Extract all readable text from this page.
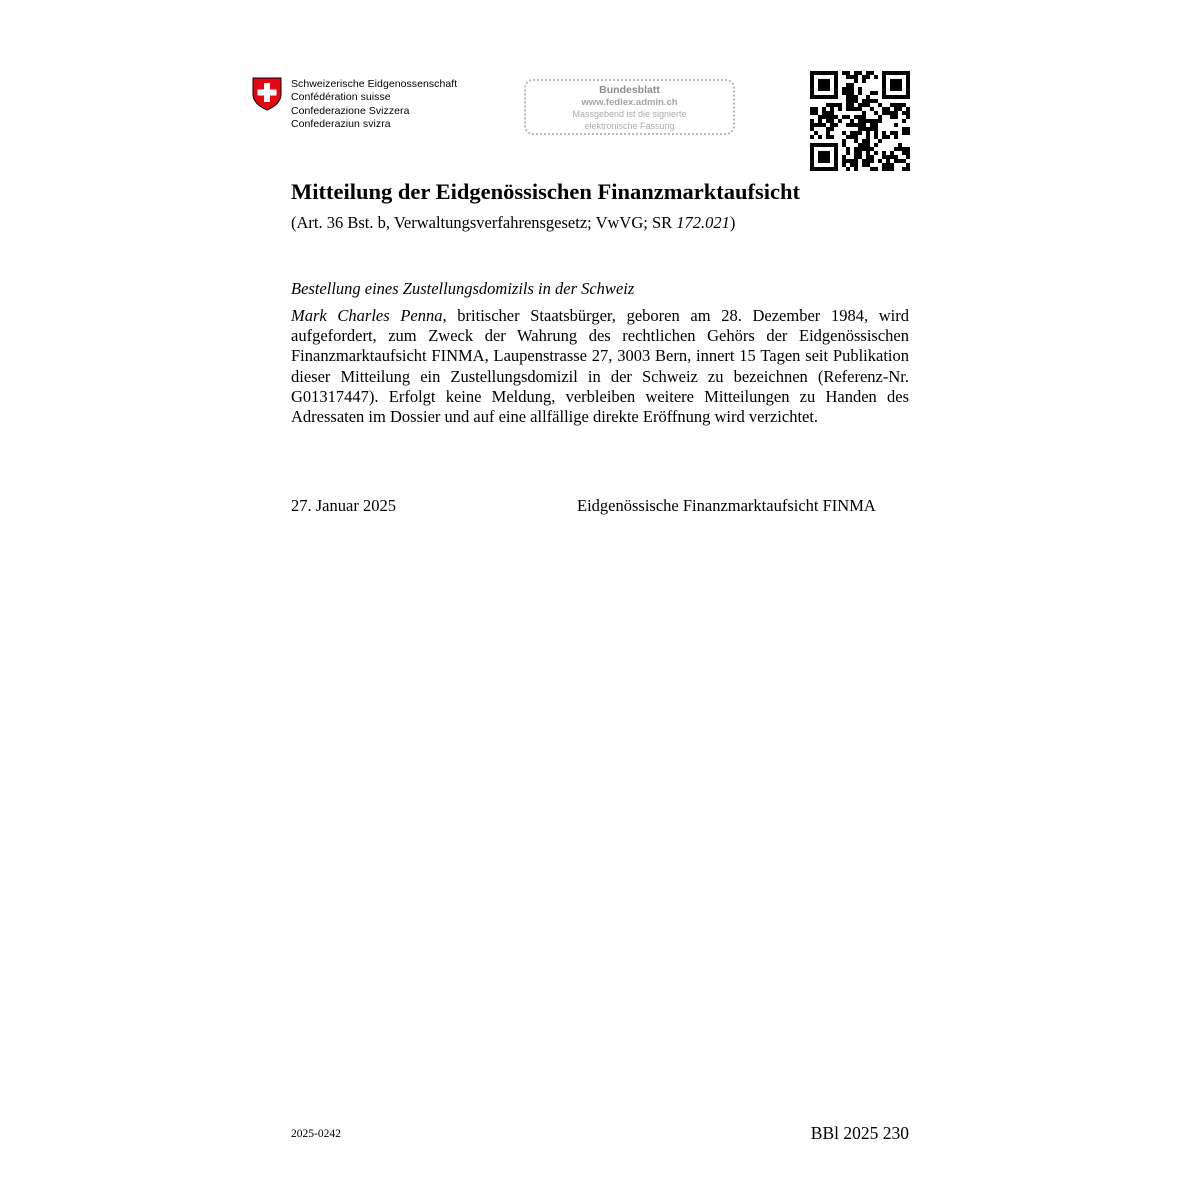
Schweizerische Eidgenossenschaft
Confédération suisse
Confederazione Svizzera
Confederaziun svizra
Bundesblatt
www.fedlex.admin.ch
Massgebend ist die signierte
elektronische Fassung
Mitteilung der Eidgenössischen Finanzmarktaufsicht
(Art. 36 Bst. b, Verwaltungsverfahrensgesetz; VwVG; SR 172.021)
Bestellung eines Zustellungsdomizils in der Schweiz
Mark Charles Penna, britischer Staatsbürger, geboren am 28. Dezember 1984, wird aufgefordert, zum Zweck der Wahrung des rechtlichen Gehörs der Eidgenössischen Finanzmarktaufsicht FINMA, Laupenstrasse 27, 3003 Bern, innert 15 Tagen seit Publikation dieser Mitteilung ein Zustellungsdomizil in der Schweiz zu bezeichnen (Referenz-Nr. G01317447). Erfolgt keine Meldung, verbleiben weitere Mitteilungen zu Handen des Adressaten im Dossier und auf eine allfällige direkte Eröffnung wird verzichtet.
27. Januar 2025	Eidgenössische Finanzmarktaufsicht FINMA
2025-0242	BBl 2025 230
